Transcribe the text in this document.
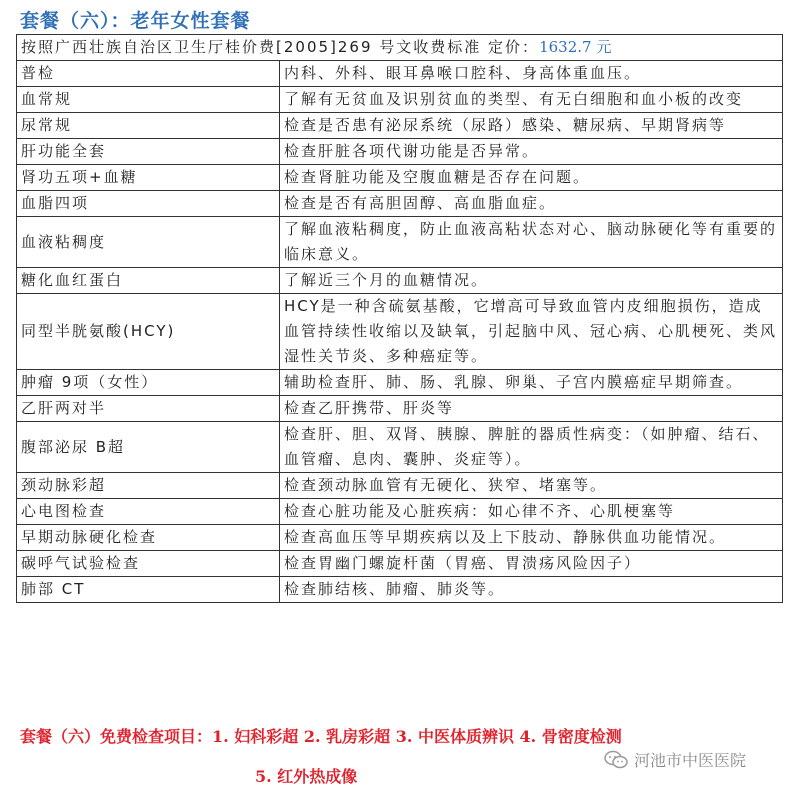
套餐（六）：老年女性套餐
按照广西壮族自治区卫生厅桂价费[2005]269 号文收费标准 定价：1632.7 元	
普检	内科、外科、眼耳鼻喉口腔科、身高体重血压。
血常规	了解有无贫血及识别贫血的类型、有无白细胞和血小板的改变
尿常规	检查是否患有泌尿系统（尿路）感染、糖尿病、早期肾病等
肝功能全套	检查肝脏各项代谢功能是否异常。
肾功五项+血糖	检查肾脏功能及空腹血糖是否存在问题。
血脂四项	检查是否有高胆固醇、高血脂血症。
血液粘稠度	了解血液粘稠度，防止血液高粘状态对心、脑动脉硬化等有重要的临床意义。
糖化血红蛋白	了解近三个月的血糖情况。
同型半胱氨酸(HCY)	HCY是一种含硫氨基酸，它增高可导致血管内皮细胞损伤，造成血管持续性收缩以及缺氧，引起脑中风、冠心病、心肌梗死、类风湿性关节炎、多种癌症等。
肿瘤 9项（女性）	辅助检查肝、肺、肠、乳腺、卵巢、子宫内膜癌症早期筛查。
乙肝两对半	检查乙肝携带、肝炎等
腹部泌尿 B超	检查肝、胆、双肾、胰腺、脾脏的器质性病变：（如肿瘤、结石、血管瘤、息肉、囊肿、炎症等）。
颈动脉彩超	检查颈动脉血管有无硬化、狭窄、堵塞等。
心电图检查	检查心脏功能及心脏疾病：如心律不齐、心肌梗塞等
早期动脉硬化检查	检查高血压等早期疾病以及上下肢动、静脉供血功能情况。
碳呼气试验检查	检查胃幽门螺旋杆菌（胃癌、胃溃疡风险因子）
肺部 CT	检查肺结核、肺瘤、肺炎等。
套餐（六）免费检查项目：1. 妇科彩超 2. 乳房彩超 3. 中医体质辨识 4. 骨密度检测
5. 红外热成像
河池市中医医院
